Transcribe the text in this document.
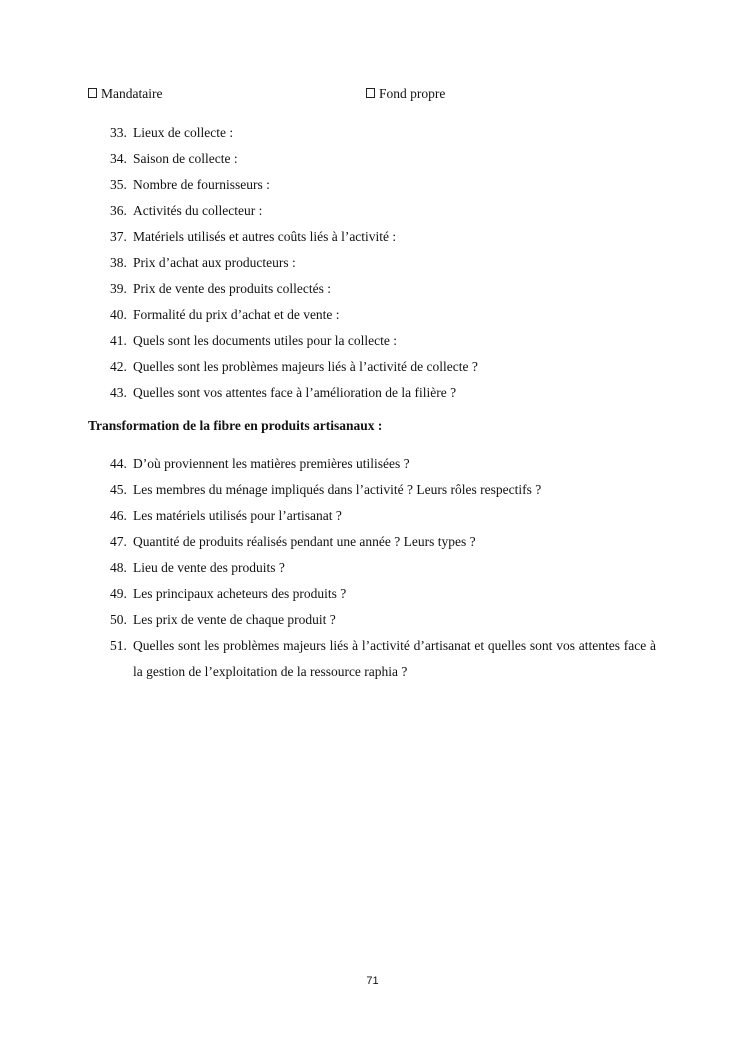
Mandataire	Fond propre
33. Lieux de collecte :
34. Saison de collecte :
35. Nombre de fournisseurs :
36. Activités du collecteur :
37. Matériels utilisés et autres coûts liés à l’activité :
38. Prix d’achat aux producteurs :
39. Prix de vente des produits collectés :
40. Formalité du prix d’achat et de vente :
41. Quels sont les documents utiles pour la collecte :
42. Quelles sont les problèmes majeurs liés à l’activité de collecte ?
43. Quelles sont vos attentes face à l’amélioration de la filière ?
Transformation de la fibre en produits artisanaux :
44. D’où proviennent les matières premières utilisées ?
45. Les membres du ménage impliqués dans l’activité ? Leurs rôles respectifs ?
46. Les matériels utilisés pour l’artisanat ?
47. Quantité de produits réalisés pendant une année ? Leurs types ?
48. Lieu de vente des produits ?
49. Les principaux acheteurs des produits ?
50. Les prix de vente de chaque produit ?
51. Quelles sont les problèmes majeurs liés à l’activité d’artisanat et quelles sont vos attentes face à la gestion de l’exploitation de la ressource raphia ?
71
